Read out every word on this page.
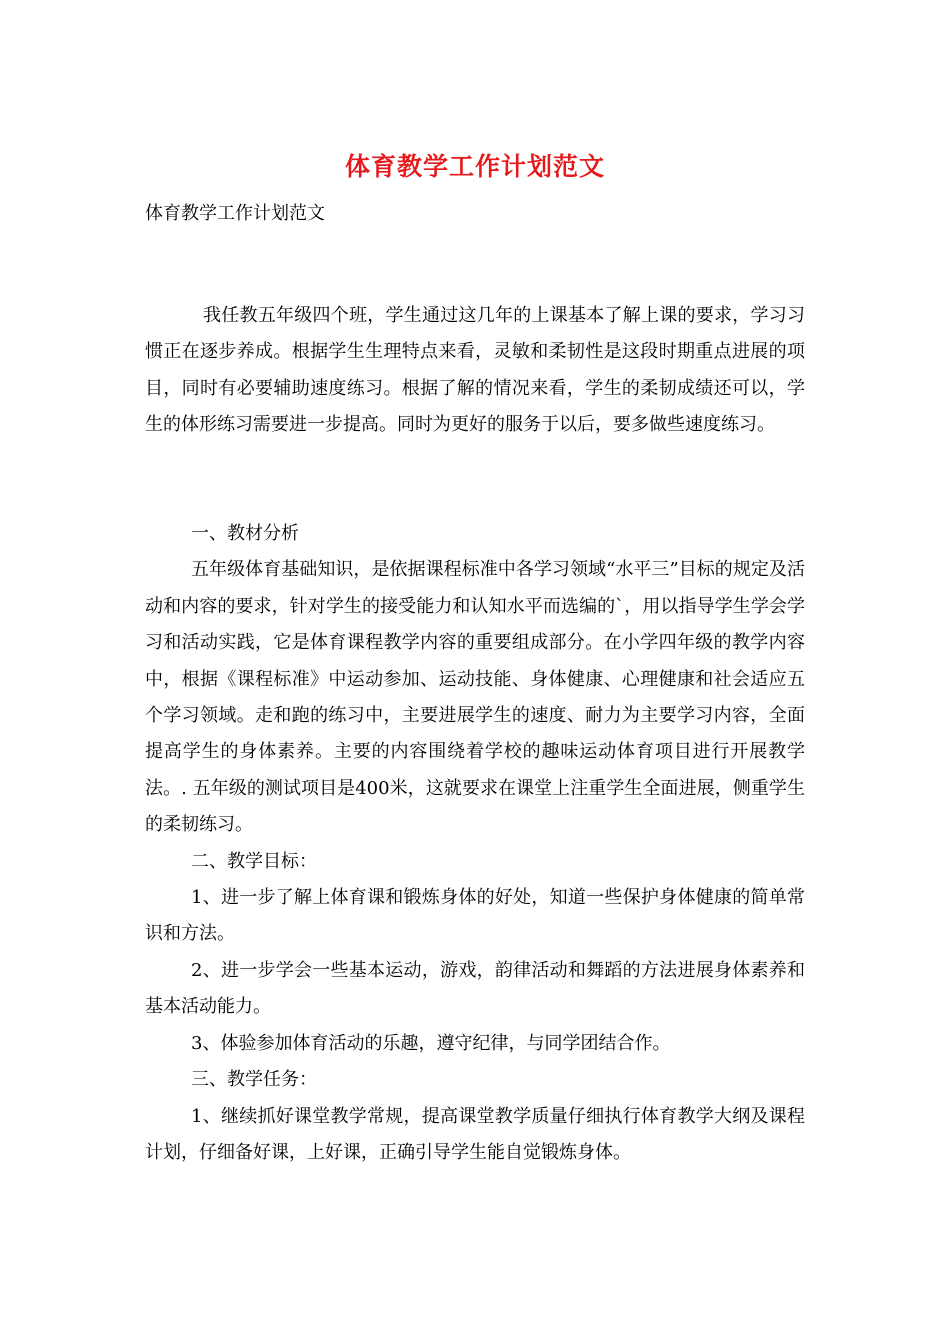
体育教学工作计划范文
体育教学工作计划范文

我任教五年级四个班，学生通过这几年的上课基本了解上课的要求，学习习惯正在逐步养成。根据学生生理特点来看，灵敏和柔韧性是这段时期重点进展的项目，同时有必要辅助速度练习。根据了解的情况来看，学生的柔韧成绩还可以，学生的体形练习需要进一步提高。同时为更好的服务于以后，要多做些速度练习。

一、教材分析

五年级体育基础知识，是依据课程标准中各学习领域“水平三”目标的规定及活动和内容的要求，针对学生的接受能力和认知水平而选编的`，用以指导学生学会学习和活动实践，它是体育课程教学内容的重要组成部分。在小学四年级的教学内容中，根据《课程标准》中运动参加、运动技能、身体健康、心理健康和社会适应五个学习领域。走和跑的练习中，主要进展学生的速度、耐力为主要学习内容，全面提高学生的身体素养。主要的内容围绕着学校的趣味运动体育项目进行开展教学法。. 五年级的测试项目是400米，这就要求在课堂上注重学生全面进展，侧重学生的柔韧练习。

二、教学目标：

1、进一步了解上体育课和锻炼身体的好处，知道一些保护身体健康的简单常识和方法。

2、进一步学会一些基本运动，游戏，韵律活动和舞蹈的方法进展身体素养和基本活动能力。

3、体验参加体育活动的乐趣，遵守纪律，与同学团结合作。

三、教学任务：

1、继续抓好课堂教学常规，提高课堂教学质量仔细执行体育教学大纲及课程计划，仔细备好课，上好课，正确引导学生能自觉锻炼身体。
